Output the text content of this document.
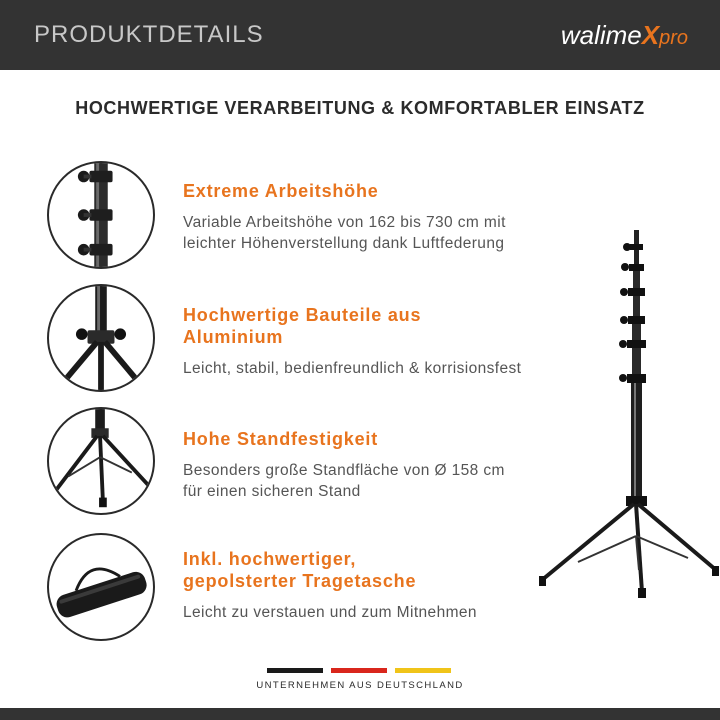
PRODUKTDETAILS	walimeXpro
HOCHWERTIGE VERARBEITUNG & KOMFORTABLER EINSATZ
Extreme Arbeitshöhe
Variable Arbeitshöhe von 162 bis 730 cm mit
leichter Höhenverstellung dank Luftfederung
Hochwertige Bauteile aus
Aluminium
Leicht, stabil, bedienfreundlich & korrisionsfest
Hohe Standfestigkeit
Besonders große Standfläche von Ø 158 cm
für einen sicheren Stand
Inkl. hochwertiger,
gepolsterter Tragetasche
Leicht zu verstauen und zum Mitnehmen
UNTERNEHMEN AUS DEUTSCHLAND
